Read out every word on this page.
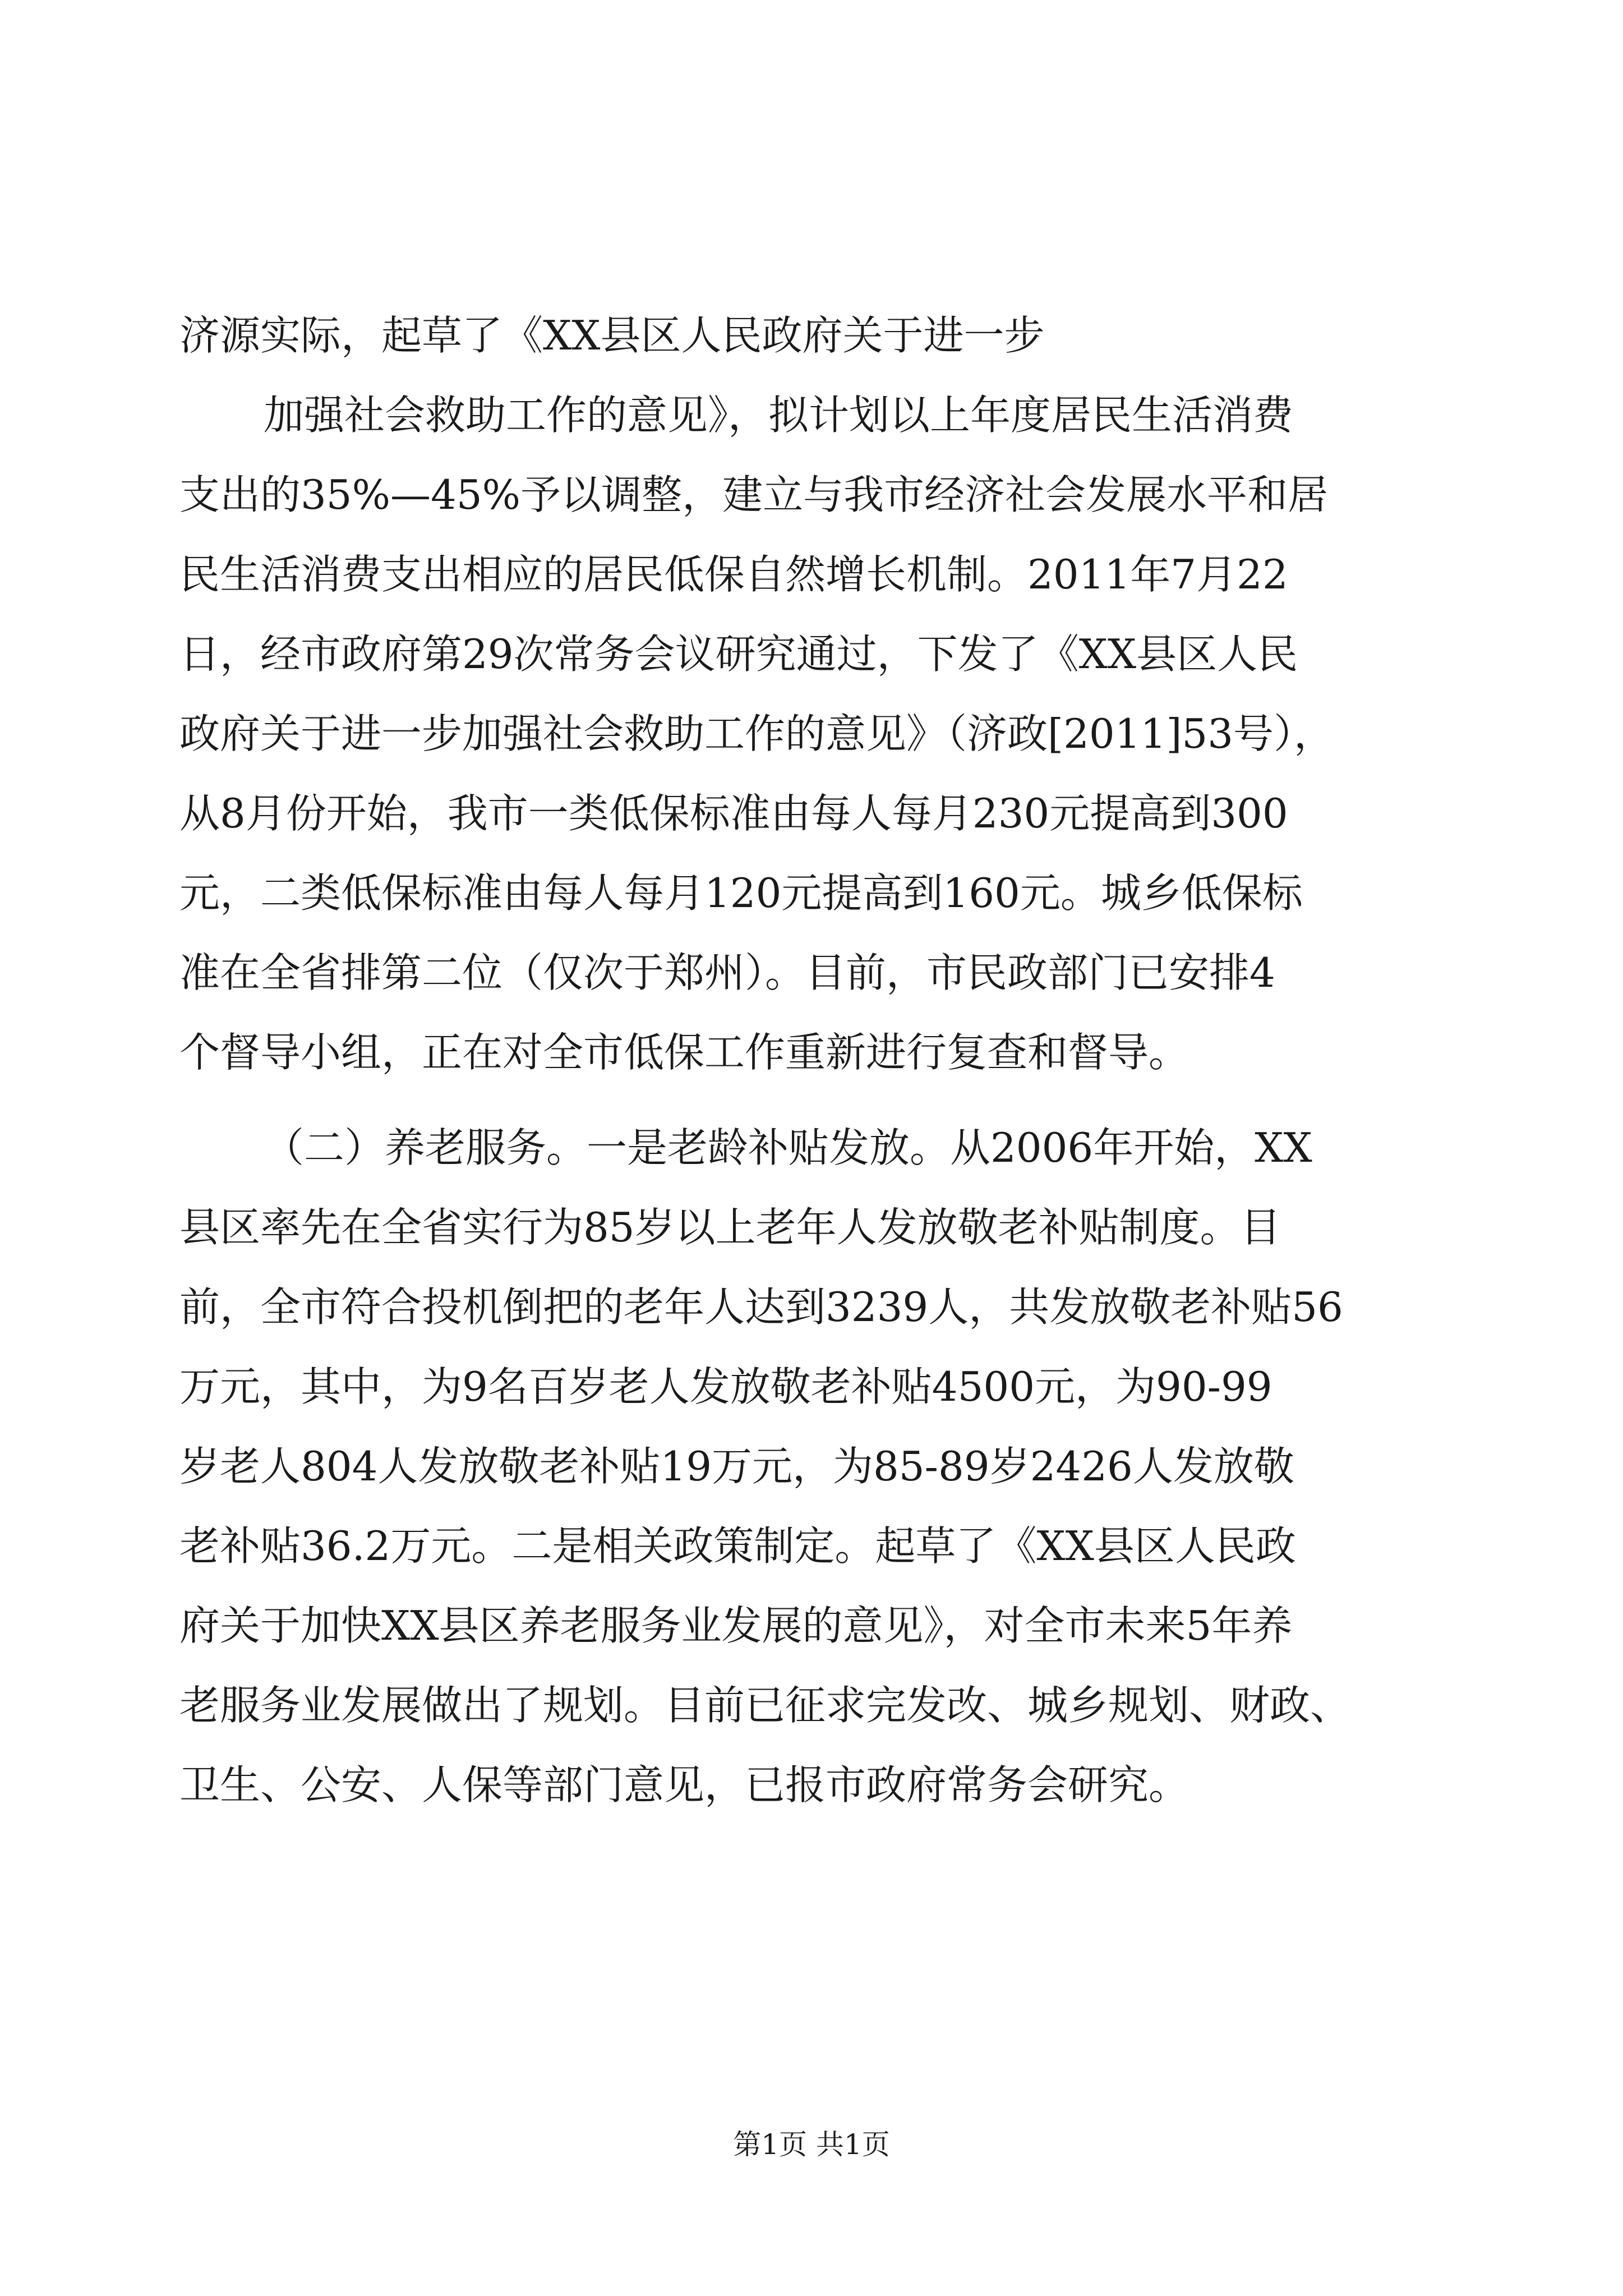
济源实际，起草了《XX县区人民政府关于进一步

加强社会救助工作的意见》，拟计划以上年度居民生活消费

支出的35%—45%予以调整，建立与我市经济社会发展水平和居

民生活消费支出相应的居民低保自然增长机制。2011年7月22

日，经市政府第29次常务会议研究通过，下发了《XX县区人民

政府关于进一步加强社会救助工作的意见》（济政[2011]53号），

从8月份开始，我市一类低保标准由每人每月230元提高到300

元，二类低保标准由每人每月120元提高到160元。城乡低保标

准在全省排第二位（仅次于郑州）。目前，市民政部门已安排4

个督导小组，正在对全市低保工作重新进行复查和督导。

（二）养老服务。一是老龄补贴发放。从2006年开始，XX

县区率先在全省实行为85岁以上老年人发放敬老补贴制度。目

前，全市符合投机倒把的老年人达到3239人，共发放敬老补贴56

万元，其中，为9名百岁老人发放敬老补贴4500元，为90-99

岁老人804人发放敬老补贴19万元，为85-89岁2426人发放敬

老补贴36.2万元。二是相关政策制定。起草了《XX县区人民政

府关于加快XX县区养老服务业发展的意见》，对全市未来5年养

老服务业发展做出了规划。目前已征求完发改、城乡规划、财政、

卫生、公安、人保等部门意见，已报市政府常务会研究。

第1页 共1页
